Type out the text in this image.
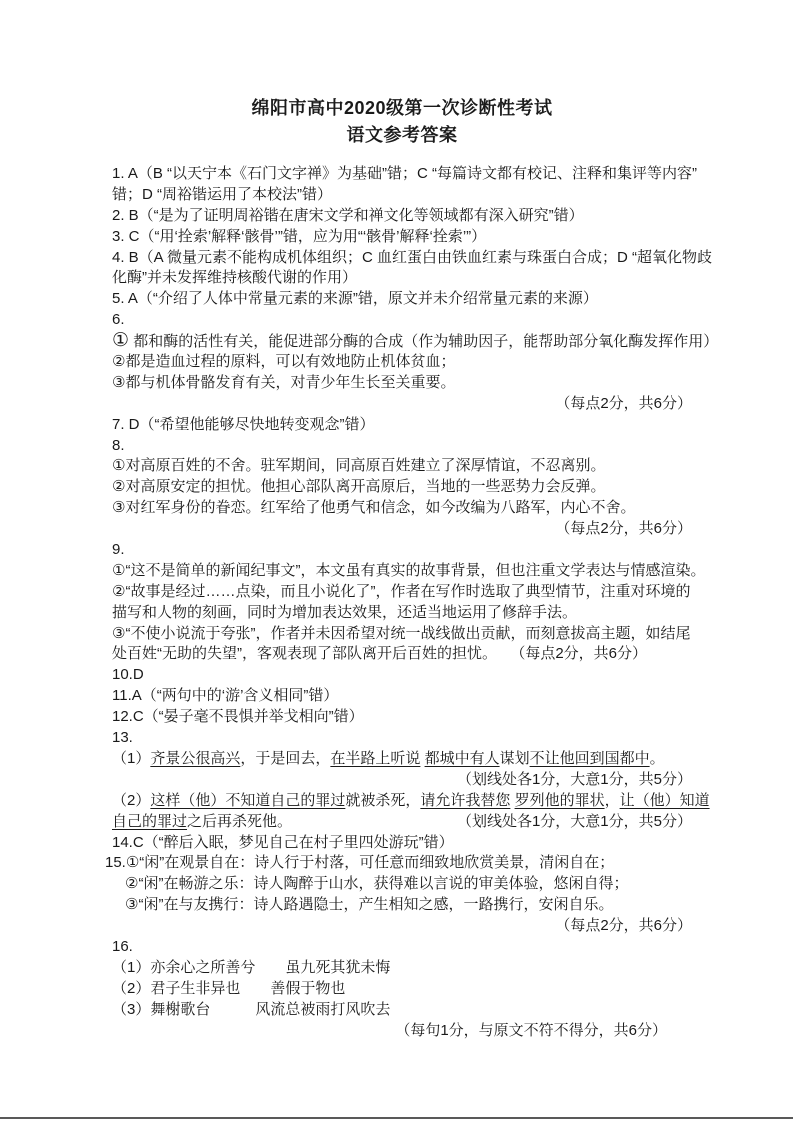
绵阳市高中2020级第一次诊断性考试
语文参考答案
1. A（B “以天宁本《石门文字禅》为基础”错；C “每篇诗文都有校记、注释和集评等内容”
错；D “周裕锴运用了本校法”错）
2. B（“是为了证明周裕锴在唐宋文学和禅文化等领域都有深入研究”错）
3. C（“用‘拴索’解释‘骸骨’”错，应为用“‘骸骨’解释‘拴索’”）
4. B（A 微量元素不能构成机体组织；C 血红蛋白由铁血红素与珠蛋白合成；D “超氧化物歧
化酶”并未发挥维持核酸代谢的作用）
5. A（“介绍了人体中常量元素的来源”错，原文并未介绍常量元素的来源）
6.
① 都和酶的活性有关，能促进部分酶的合成（作为辅助因子，能帮助部分氧化酶发挥作用）
②都是造血过程的原料，可以有效地防止机体贫血；
③都与机体骨骼发育有关，对青少年生长至关重要。
（每点2分，共6分）
7. D（“希望他能够尽快地转变观念”错）
8.
①对高原百姓的不舍。驻军期间，同高原百姓建立了深厚情谊，不忍离别。
②对高原安定的担忧。他担心部队离开高原后，当地的一些恶势力会反弹。
③对红军身份的眷恋。红军给了他勇气和信念，如今改编为八路军，内心不舍。
（每点2分，共6分）
9.
①“这不是简单的新闻纪事文”，本文虽有真实的故事背景，但也注重文学表达与情感渲染。
②“故事是经过……点染，而且小说化了”，作者在写作时选取了典型情节，注重对环境的
描写和人物的刻画，同时为增加表达效果，还适当地运用了修辞手法。
③“不使小说流于夸张”，作者并未因希望对统一战线做出贡献，而刻意拔高主题，如结尾
处百姓“无助的失望”，客观表现了部队离开后百姓的担忧。 （每点2分，共6分）
10.D
11.A（“两句中的‘游’含义相同”错）
12.C（“晏子毫不畏惧并举戈相向”错）
13.
（1）齐景公很高兴，于是回去，在半路上听说 都城中有人谋划不让他回到国都中。
（划线处各1分，大意1分，共5分）
（2）这样（他）不知道自己的罪过就被杀死，请允许我替您 罗列他的罪状，让（他）知道
自己的罪过之后再杀死他。	（划线处各1分，大意1分，共5分）
14.C（“醉后入眠，梦见自己在村子里四处游玩”错）
15.①“闲”在观景自在：诗人行于村落，可任意而细致地欣赏美景，清闲自在；
②“闲”在畅游之乐：诗人陶醉于山水，获得难以言说的审美体验，悠闲自得；
③“闲”在与友携行：诗人路遇隐士，产生相知之感，一路携行，安闲自乐。
（每点2分，共6分）
16.
（1）亦余心之所善兮　　虽九死其犹未悔
（2）君子生非异也　　善假于物也
（3）舞榭歌台　　　风流总被雨打风吹去
（每句1分，与原文不符不得分，共6分）
